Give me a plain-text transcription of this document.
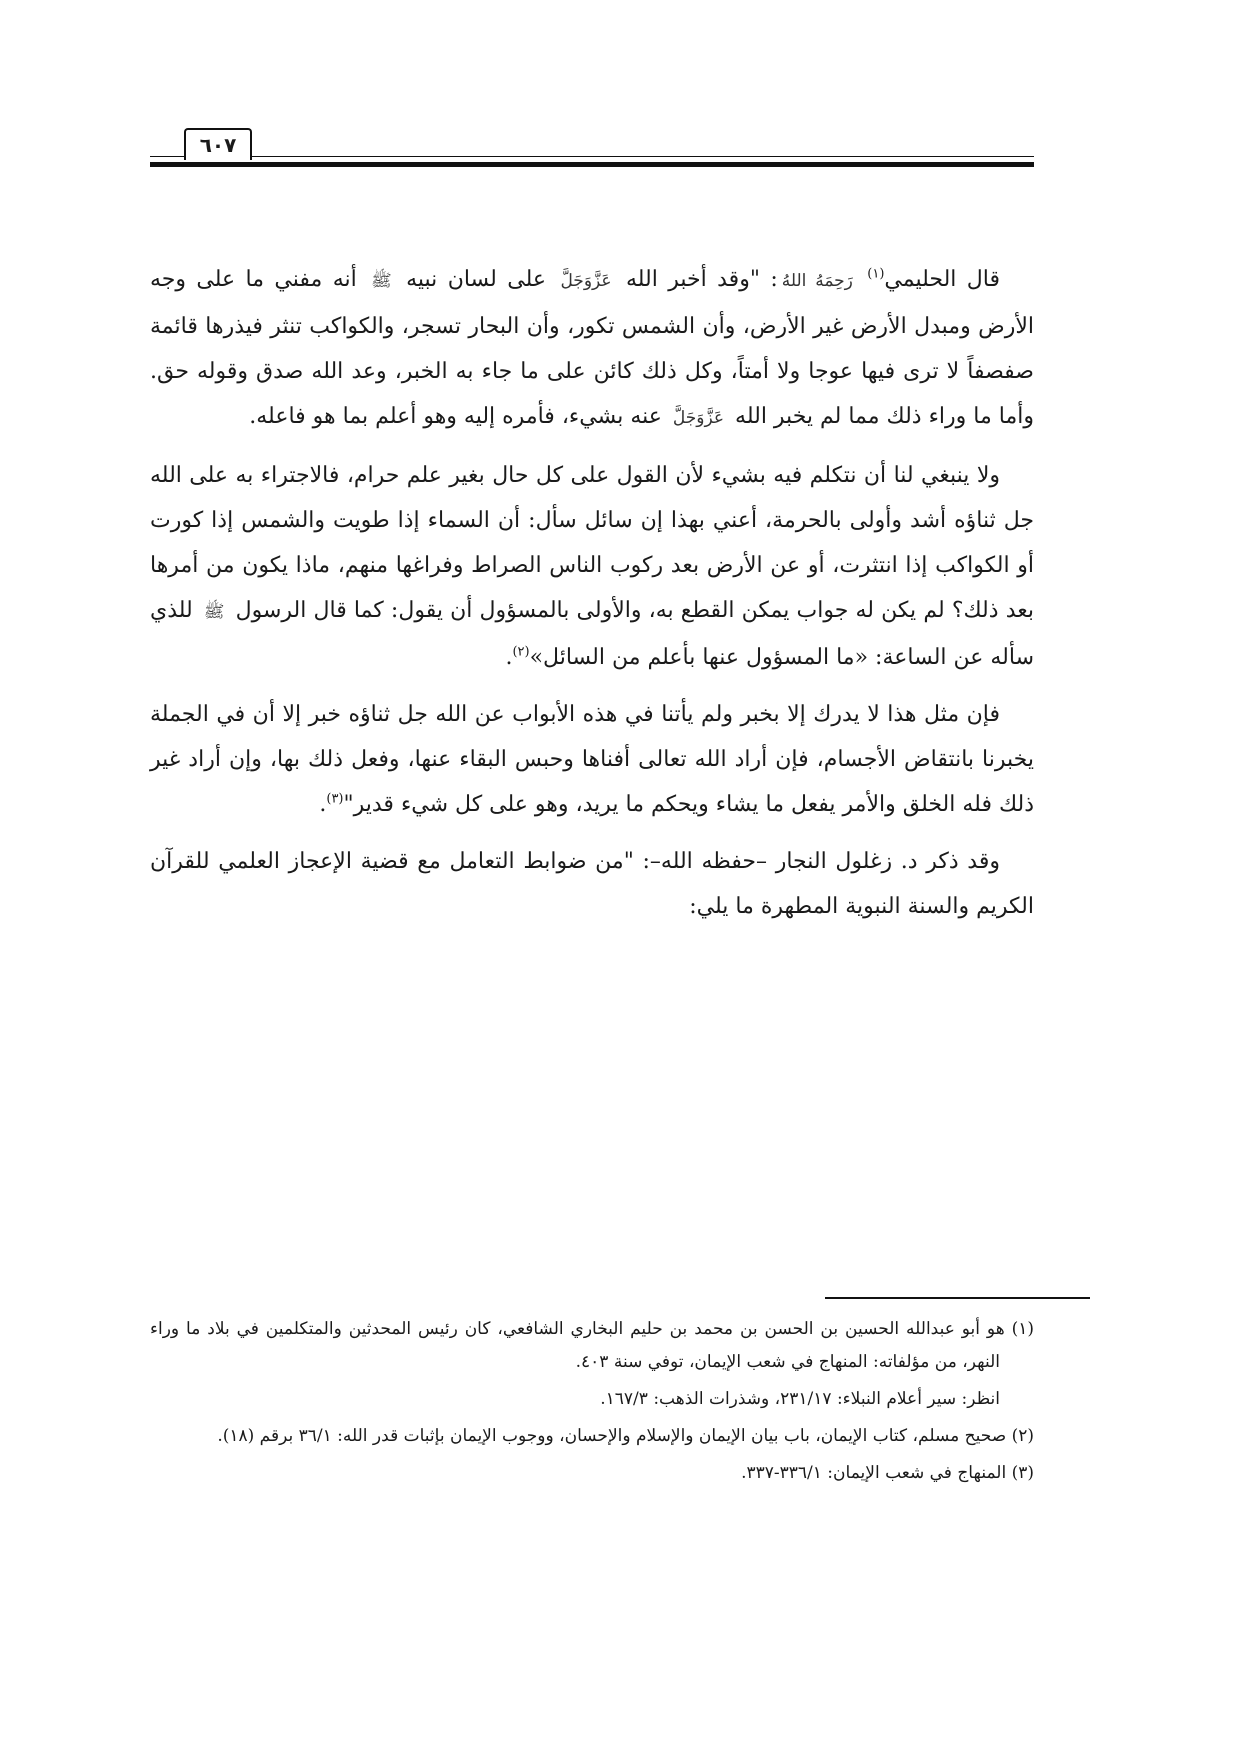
٦٠٧

قال الحليمي$^{(١)}$ رَحِمَهُ اللهُ: "وقد أخبر الله عَزَّوَجَلَّ على لسان نبيه ﷺ أنه مفني ما على وجه الأرض ومبدل الأرض غير الأرض، وأن الشمس تكور، وأن البحار تسجر، والكواكب تنثر فيذرها قائمة صفصفاً لا ترى فيها عوجا ولا أمتاً، وكل ذلك كائن على ما جاء به الخبر، وعد الله صدق وقوله حق. وأما ما وراء ذلك مما لم يخبر الله عَزَّوَجَلَّ عنه بشيء، فأمره إليه وهو أعلم بما هو فاعله.

ولا ينبغي لنا أن نتكلم فيه بشيء لأن القول على كل حال بغير علم حرام، فالاجتراء به على الله جل ثناؤه أشد وأولى بالحرمة، أعني بهذا إن سائل سأل: أن السماء إذا طويت والشمس إذا كورت أو الكواكب إذا انتثرت، أو عن الأرض بعد ركوب الناس الصراط وفراغها منهم، ماذا يكون من أمرها بعد ذلك؟ لم يكن له جواب يمكن القطع به، والأولى بالمسؤول أن يقول: كما قال الرسول ﷺ للذي سأله عن الساعة: «ما المسؤول عنها بأعلم من السائل»$^{(٢)}$.

فإن مثل هذا لا يدرك إلا بخبر ولم يأتنا في هذه الأبواب عن الله جل ثناؤه خبر إلا أن في الجملة يخبرنا بانتقاض الأجسام، فإن أراد الله تعالى أفناها وحبس البقاء عنها، وفعل ذلك بها، وإن أراد غير ذلك فله الخلق والأمر يفعل ما يشاء ويحكم ما يريد، وهو على كل شيء قدير"$^{(٣)}$.

وقد ذكر د. زغلول النجار –حفظه الله–: "من ضوابط التعامل مع قضية الإعجاز العلمي للقرآن الكريم والسنة النبوية المطهرة ما يلي:

(١) هو أبو عبدالله الحسين بن الحسن بن محمد بن حليم البخاري الشافعي، كان رئيس المحدثين والمتكلمين في بلاد ما وراء النهر، من مؤلفاته: المنهاج في شعب الإيمان، توفي سنة ٤٠٣.

انظر: سير أعلام النبلاء: ٢٣١/١٧، وشذرات الذهب: ١٦٧/٣.

(٢) صحيح مسلم، كتاب الإيمان، باب بيان الإيمان والإسلام والإحسان، ووجوب الإيمان بإثبات قدر الله: ٣٦/١ برقم (١٨).

(٣) المنهاج في شعب الإيمان: ٣٣٦/١-٣٣٧.
